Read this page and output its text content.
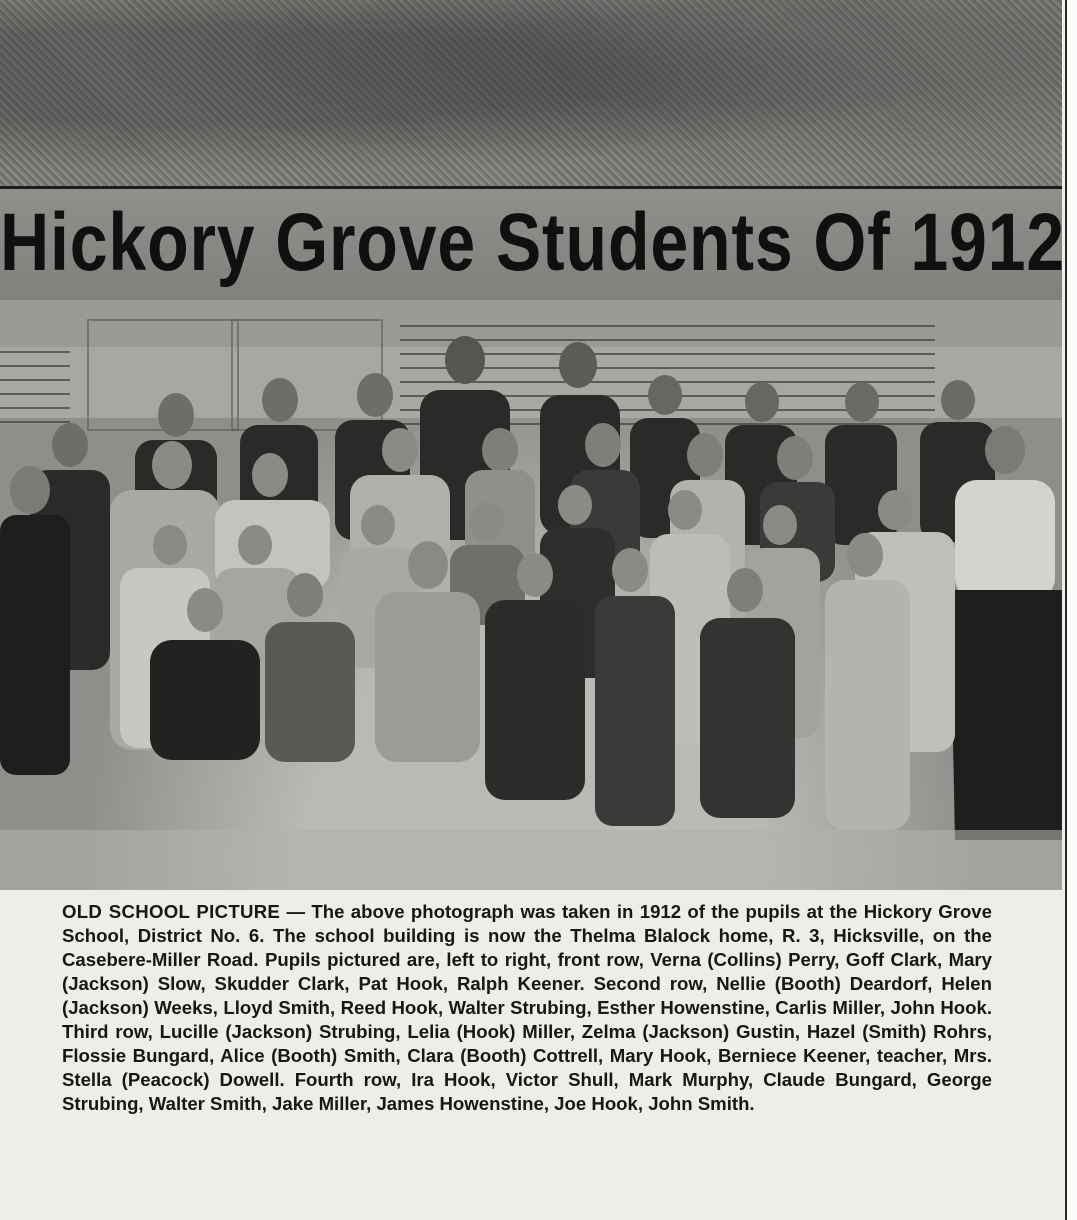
Hickory Grove Students Of 1912

OLD SCHOOL PICTURE — The above photograph was taken in 1912 of the pupils at the Hickory Grove School, District No. 6. The school building is now the Thelma Blalock home, R. 3, Hicksville, on the Casebere-Miller Road. Pupils pictured are, left to right, front row, Verna (Collins) Perry, Goff Clark, Mary (Jackson) Slow, Skudder Clark, Pat Hook, Ralph Keener. Second row, Nellie (Booth) Deardorf, Helen (Jackson) Weeks, Lloyd Smith, Reed Hook, Walter Strubing, Esther Howenstine, Carlis Miller, John Hook. Third row, Lucille (Jackson) Strubing, Lelia (Hook) Miller, Zelma (Jackson) Gustin, Hazel (Smith) Rohrs, Flossie Bungard, Alice (Booth) Smith, Clara (Booth) Cottrell, Mary Hook, Berniece Keener, teacher, Mrs. Stella (Peacock) Dowell. Fourth row, Ira Hook, Victor Shull, Mark Murphy, Claude Bungard, George Strubing, Walter Smith, Jake Miller, James Howenstine, Joe Hook, John Smith.
